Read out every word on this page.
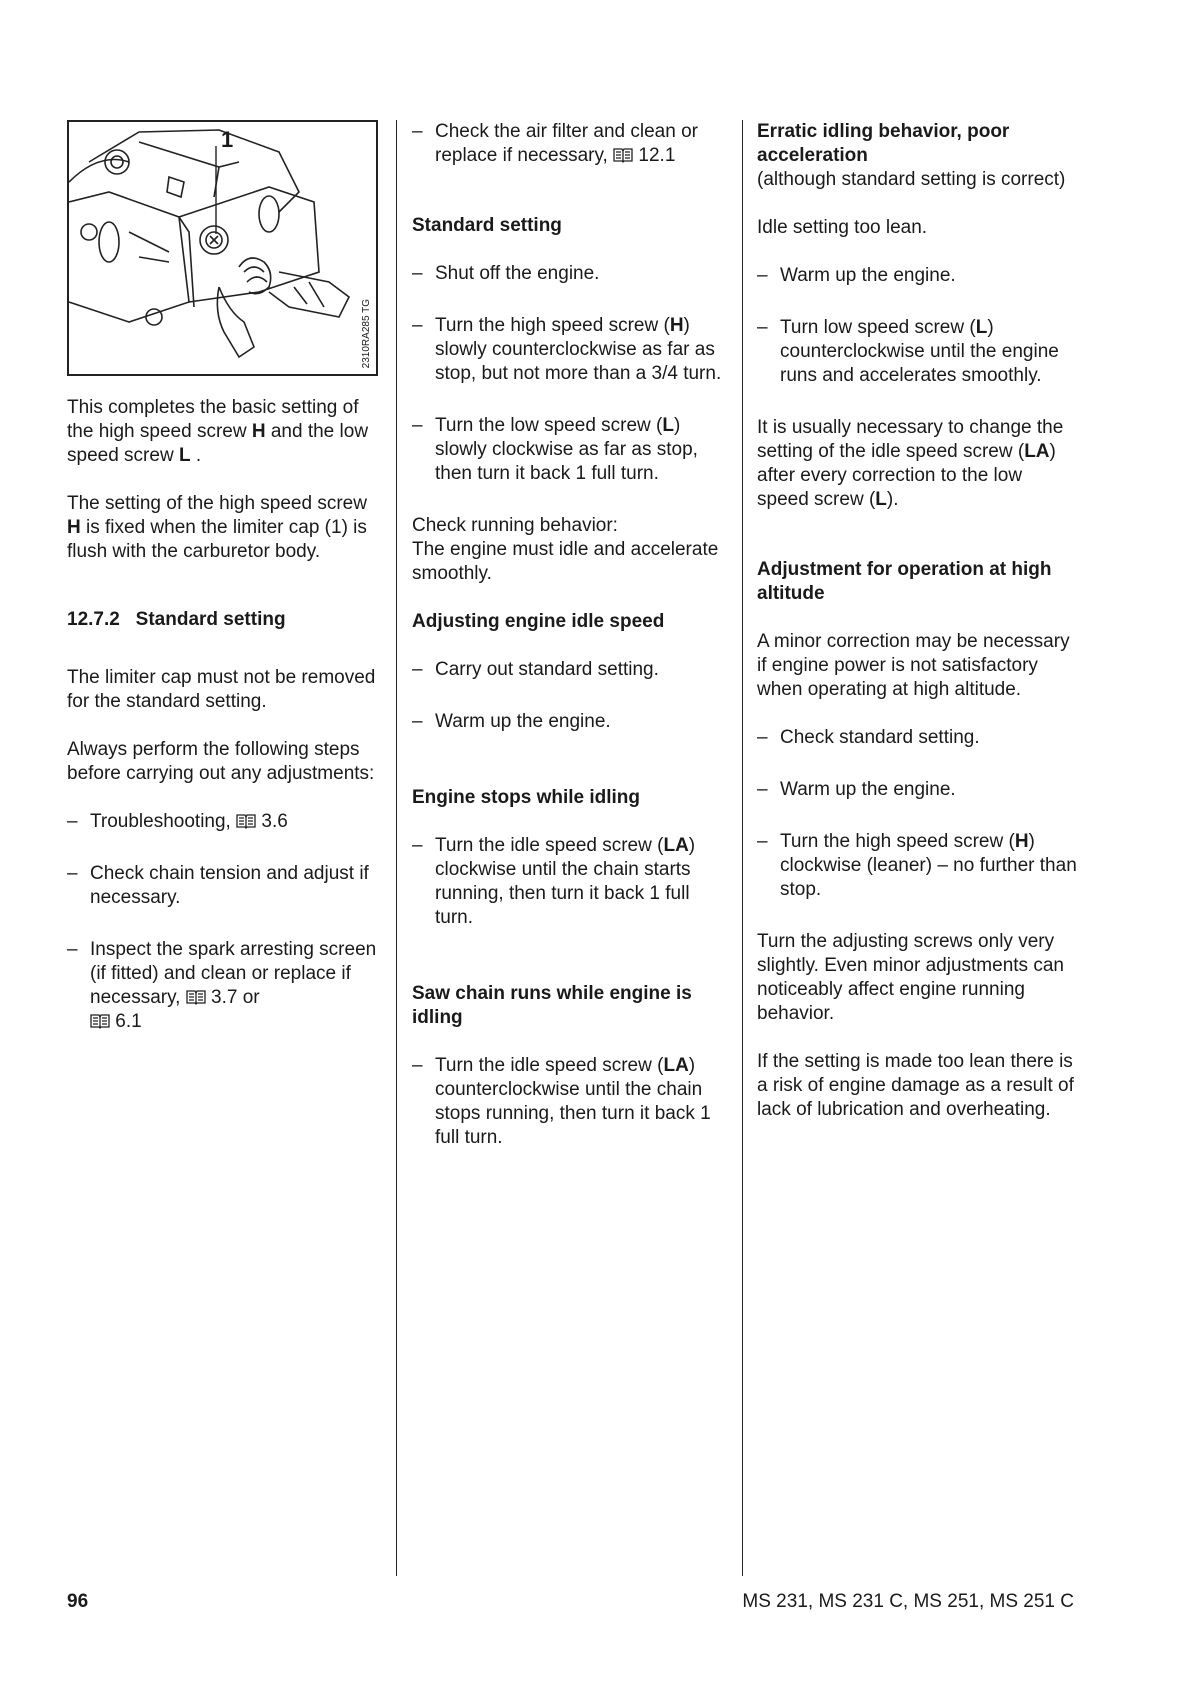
1
2310RA285 TG

This completes the basic setting of the high speed screw H and the low speed screw L .

The setting of the high speed screw H is fixed when the limiter cap (1) is flush with the carburetor body.

12.7.2 Standard setting

The limiter cap must not be removed for the standard setting.

Always perform the following steps before carrying out any adjustments:

– Troubleshooting,  3.6
– Check chain tension and adjust if necessary.
– Inspect the spark arresting screen (if fitted) and clean or replace if necessary,  3.7 or
6.1
– Check the air filter and clean or replace if necessary,  12.1

Standard setting

– Shut off the engine.
– Turn the high speed screw (H) slowly counterclockwise as far as stop, but not more than a 3/4 turn.
– Turn the low speed screw (L) slowly clockwise as far as stop, then turn it back 1 full turn.

Check running behavior:

The engine must idle and accelerate smoothly.

Adjusting engine idle speed

– Carry out standard setting.
– Warm up the engine.

Engine stops while idling

– Turn the idle speed screw (LA) clockwise until the chain starts running, then turn it back 1 full turn.

Saw chain runs while engine is idling

– Turn the idle speed screw (LA) counterclockwise until the chain stops running, then turn it back 1 full turn.

Erratic idling behavior, poor acceleration

(although standard setting is correct)

Idle setting too lean.

– Warm up the engine.
– Turn low speed screw (L) counterclockwise until the engine runs and accelerates smoothly.

It is usually necessary to change the setting of the idle speed screw (LA) after every correction to the low speed screw (L).

Adjustment for operation at high altitude

A minor correction may be necessary if engine power is not satisfactory when operating at high altitude.

– Check standard setting.
– Warm up the engine.
– Turn the high speed screw (H) clockwise (leaner) – no further than stop.

Turn the adjusting screws only very slightly. Even minor adjustments can noticeably affect engine running behavior.

If the setting is made too lean there is a risk of engine damage as a result of lack of lubrication and overheating.

96	MS 231, MS 231 C, MS 251, MS 251 C
